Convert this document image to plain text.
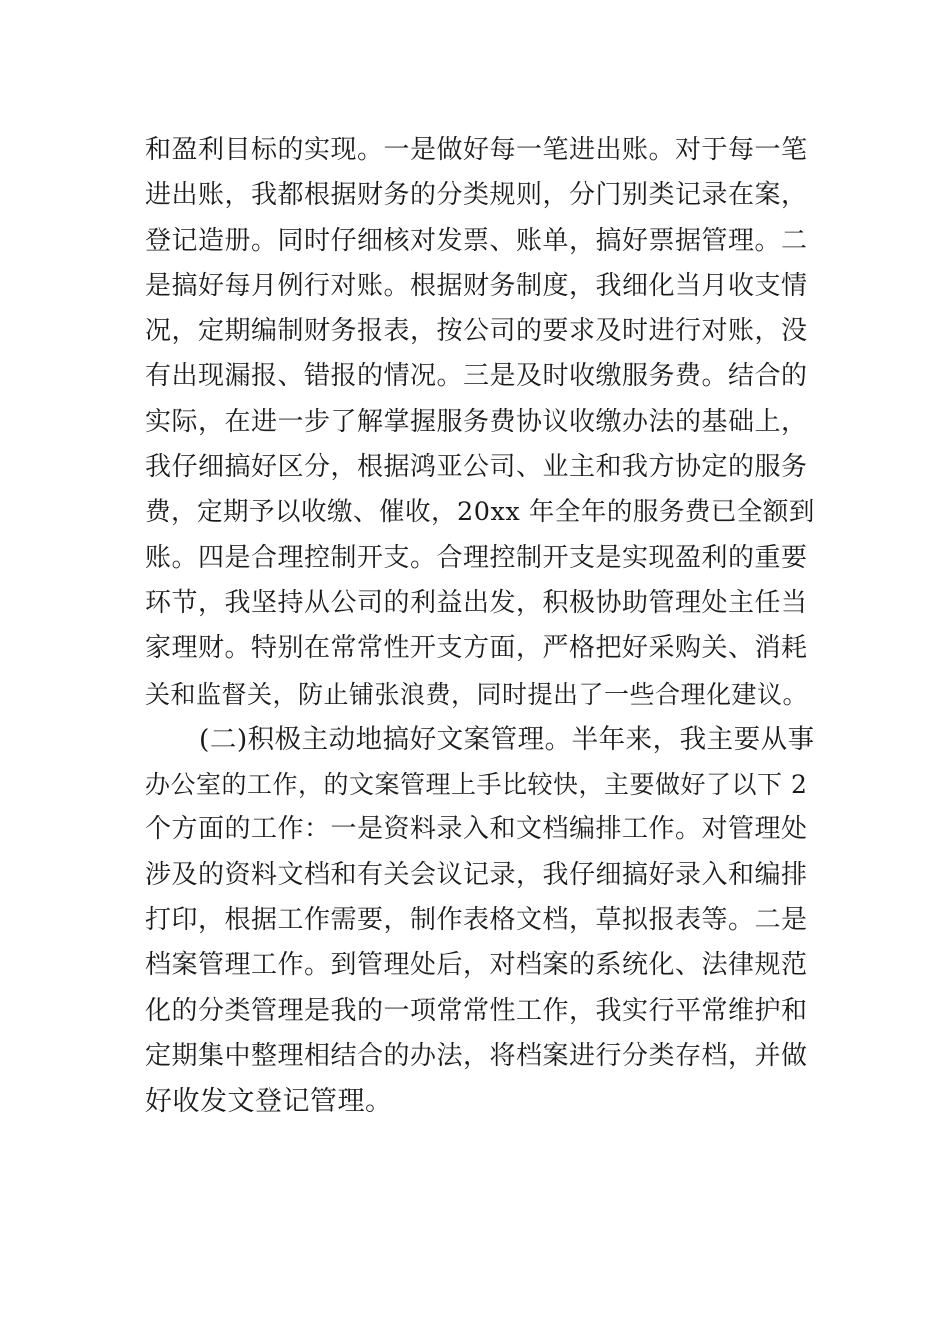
和盈利目标的实现。一是做好每一笔进出账。对于每一笔
进出账，我都根据财务的分类规则，分门别类记录在案，
登记造册。同时仔细核对发票、账单，搞好票据管理。二
是搞好每月例行对账。根据财务制度，我细化当月收支情
况，定期编制财务报表，按公司的要求及时进行对账，没
有出现漏报、错报的情况。三是及时收缴服务费。结合的
实际，在进一步了解掌握服务费协议收缴办法的基础上，
我仔细搞好区分，根据鸿亚公司、业主和我方协定的服务
费，定期予以收缴、催收，20xx 年全年的服务费已全额到
账。四是合理控制开支。合理控制开支是实现盈利的重要
环节，我坚持从公司的利益出发，积极协助管理处主任当
家理财。特别在常常性开支方面，严格把好采购关、消耗
关和监督关，防止铺张浪费，同时提出了一些合理化建议。
(二)积极主动地搞好文案管理。半年来，我主要从事
办公室的工作，的文案管理上手比较快，主要做好了以下 2
个方面的工作：一是资料录入和文档编排工作。对管理处
涉及的资料文档和有关会议记录，我仔细搞好录入和编排
打印，根据工作需要，制作表格文档，草拟报表等。二是
档案管理工作。到管理处后，对档案的系统化、法律规范
化的分类管理是我的一项常常性工作，我实行平常维护和
定期集中整理相结合的办法，将档案进行分类存档，并做
好收发文登记管理。
